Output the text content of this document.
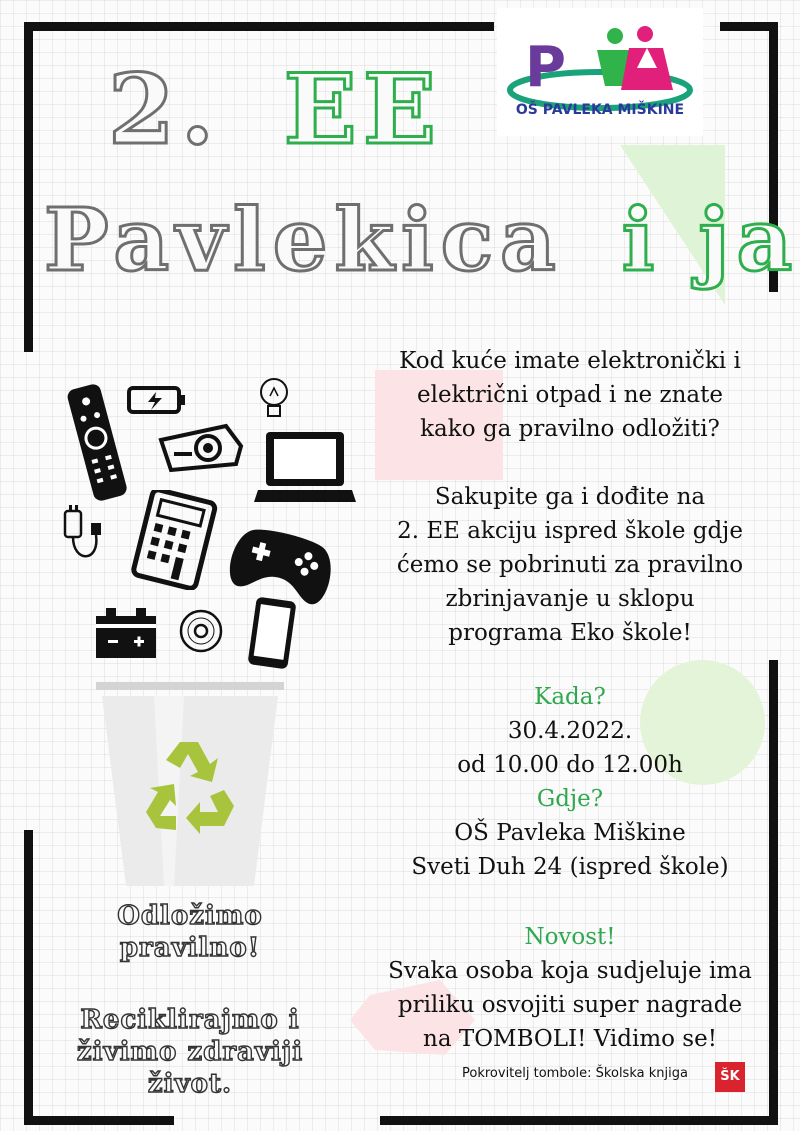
2. EE
Pavlekica i ja
P
OŠ PAVLEKA MIŠKINE

Kod kuće imate elektronički i

električni otpad i ne znate

kako ga pravilno odložiti?

Sakupite ga i dođite na

2. EE akciju ispred škole gdje

ćemo se pobrinuti za pravilno

zbrinjavanje u sklopu

programa Eko škole!

Kada?

30.4.2022.

od 10.00 do 12.00h

Gdje?

OŠ Pavleka Miškine

Sveti Duh 24 (ispred škole)

Novost!

Svaka osoba koja sudjeluje ima

priliku osvojiti super nagrade

na TOMBOLI! Vidimo se!

Odložimo
pravilno!
Reciklirajmo i
živimo zdraviji
život.	Pokrovitelj tombole: Školska knjiga	ŠK
